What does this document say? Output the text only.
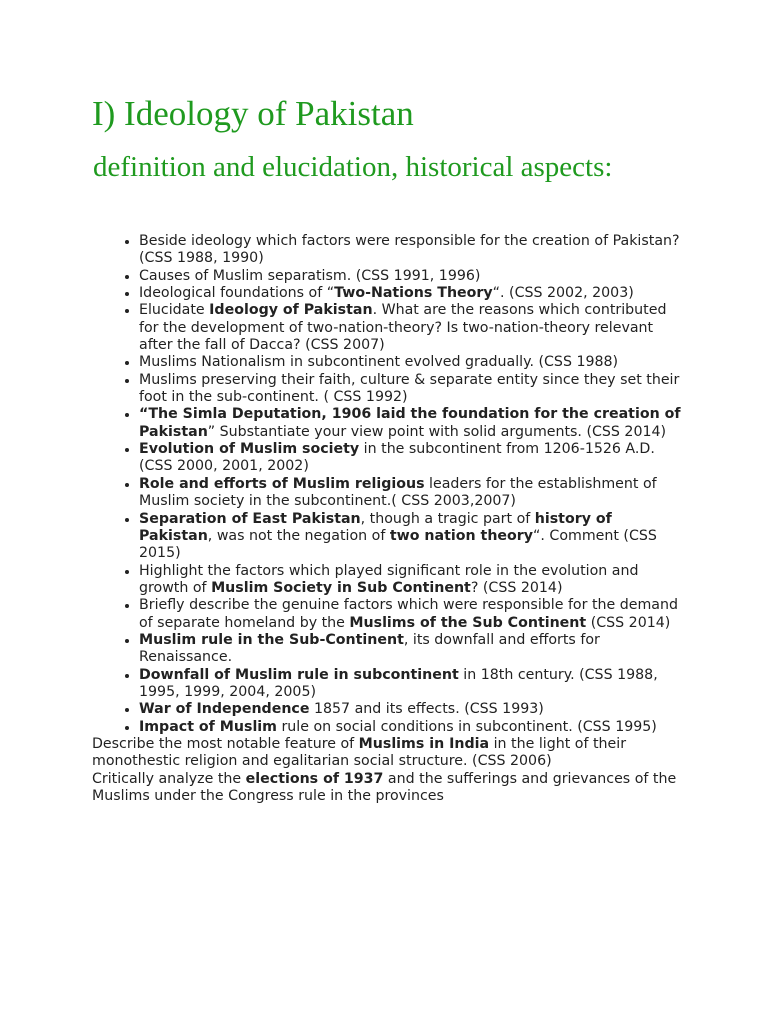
I) Ideology of Pakistan
definition and elucidation, historical aspects:
• Beside ideology which factors were responsible for the creation of Pakistan? (CSS 1988, 1990)
• Causes of Muslim separatism. (CSS 1991, 1996)
• Ideological foundations of “Two-Nations Theory“. (CSS 2002, 2003)
• Elucidate Ideology of Pakistan. What are the reasons which contributed for the development of two-nation-theory? Is two-nation-theory relevant after the fall of Dacca? (CSS 2007)
• Muslims Nationalism in subcontinent evolved gradually. (CSS 1988)
• Muslims preserving their faith, culture & separate entity since they set their foot in the sub-continent. ( CSS 1992)
• “The Simla Deputation, 1906 laid the foundation for the creation of Pakistan” Substantiate your view point with solid arguments. (CSS 2014)
• Evolution of Muslim society in the subcontinent from 1206-1526 A.D. (CSS 2000, 2001, 2002)
• Role and efforts of Muslim religious leaders for the establishment of Muslim society in the subcontinent.( CSS 2003,2007)
• Separation of East Pakistan, though a tragic part of history of Pakistan, was not the negation of two nation theory“. Comment (CSS 2015)
• Highlight the factors which played significant role in the evolution and growth of Muslim Society in Sub Continent? (CSS 2014)
• Briefly describe the genuine factors which were responsible for the demand of separate homeland by the Muslims of the Sub Continent (CSS 2014)
• Muslim rule in the Sub-Continent, its downfall and efforts for Renaissance.
• Downfall of Muslim rule in subcontinent in 18th century. (CSS 1988, 1995, 1999, 2004, 2005)
• War of Independence 1857 and its effects. (CSS 1993)
• Impact of Muslim rule on social conditions in subcontinent. (CSS 1995)

Describe the most notable feature of Muslims in India in the light of their monothestic religion and egalitarian social structure. (CSS 2006)

Critically analyze the elections of 1937 and the sufferings and grievances of the Muslims under the Congress rule in the provinces
